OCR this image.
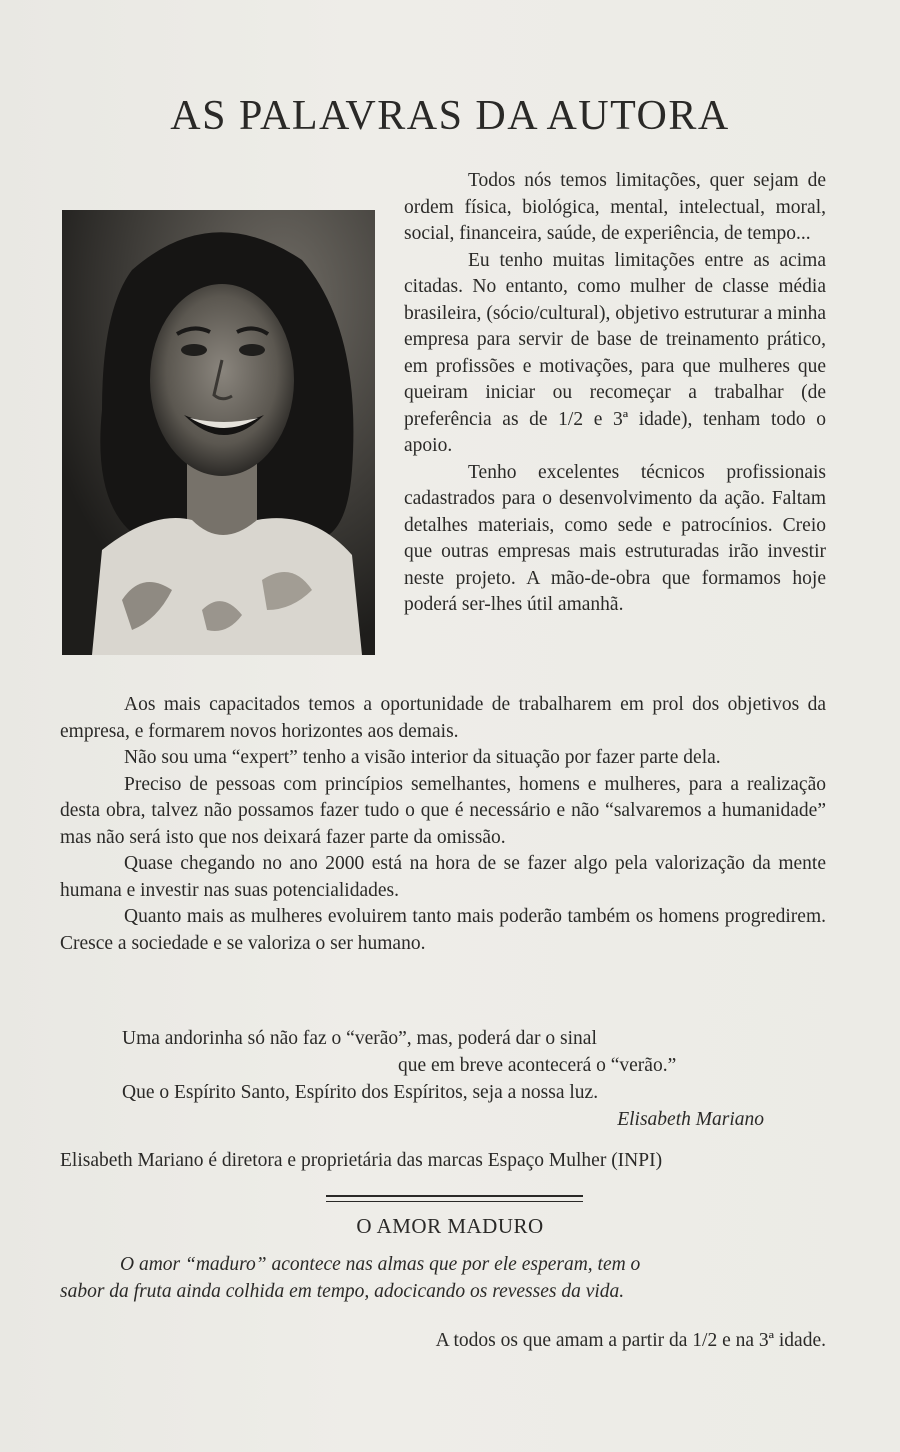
AS PALAVRAS DA AUTORA

Todos nós temos limitações, quer sejam de ordem física, biológica, mental, intelectual, moral, social, financeira, saúde, de experiência, de tempo...

Eu tenho muitas limitações entre as acima citadas. No entanto, como mulher de classe média brasileira, (sócio/cultural), objetivo estruturar a minha empresa para servir de base de treinamento prático, em profissões e motivações, para que mulheres que queiram iniciar ou recomeçar a trabalhar (de preferência as de 1/2 e 3ª idade), tenham todo o apoio.

Tenho excelentes técnicos profissionais cadastrados para o desenvolvimento da ação. Faltam detalhes materiais, como sede e patrocínios. Creio que outras empresas mais estruturadas irão investir neste projeto. A mão-de-obra que formamos hoje poderá ser-lhes útil amanhã.

Aos mais capacitados temos a oportunidade de trabalharem em prol dos objetivos da empresa, e formarem novos horizontes aos demais.

Não sou uma “expert” tenho a visão interior da situação por fazer parte dela.

Preciso de pessoas com princípios semelhantes, homens e mulheres, para a realização desta obra, talvez não possamos fazer tudo o que é necessário e não “salvaremos a humanidade” mas não será isto que nos deixará fazer parte da omissão.

Quase chegando no ano 2000 está na hora de se fazer algo pela valorização da mente humana e investir nas suas potencialidades.

Quanto mais as mulheres evoluirem tanto mais poderão também os homens progredirem. Cresce a sociedade e se valoriza o ser humano.

Uma andorinha só não faz o “verão”, mas, poderá dar o sinal
que em breve acontecerá o “verão.”
Que o Espírito Santo, Espírito dos Espíritos, seja a nossa luz.
Elisabeth Mariano
Elisabeth Mariano é diretora e proprietária das marcas Espaço Mulher (INPI)
O AMOR MADURO
O amor “maduro” acontece nas almas que por ele esperam, tem o
sabor da fruta ainda colhida em tempo, adocicando os revesses da vida.
A todos os que amam a partir da 1/2 e na 3ª idade.
